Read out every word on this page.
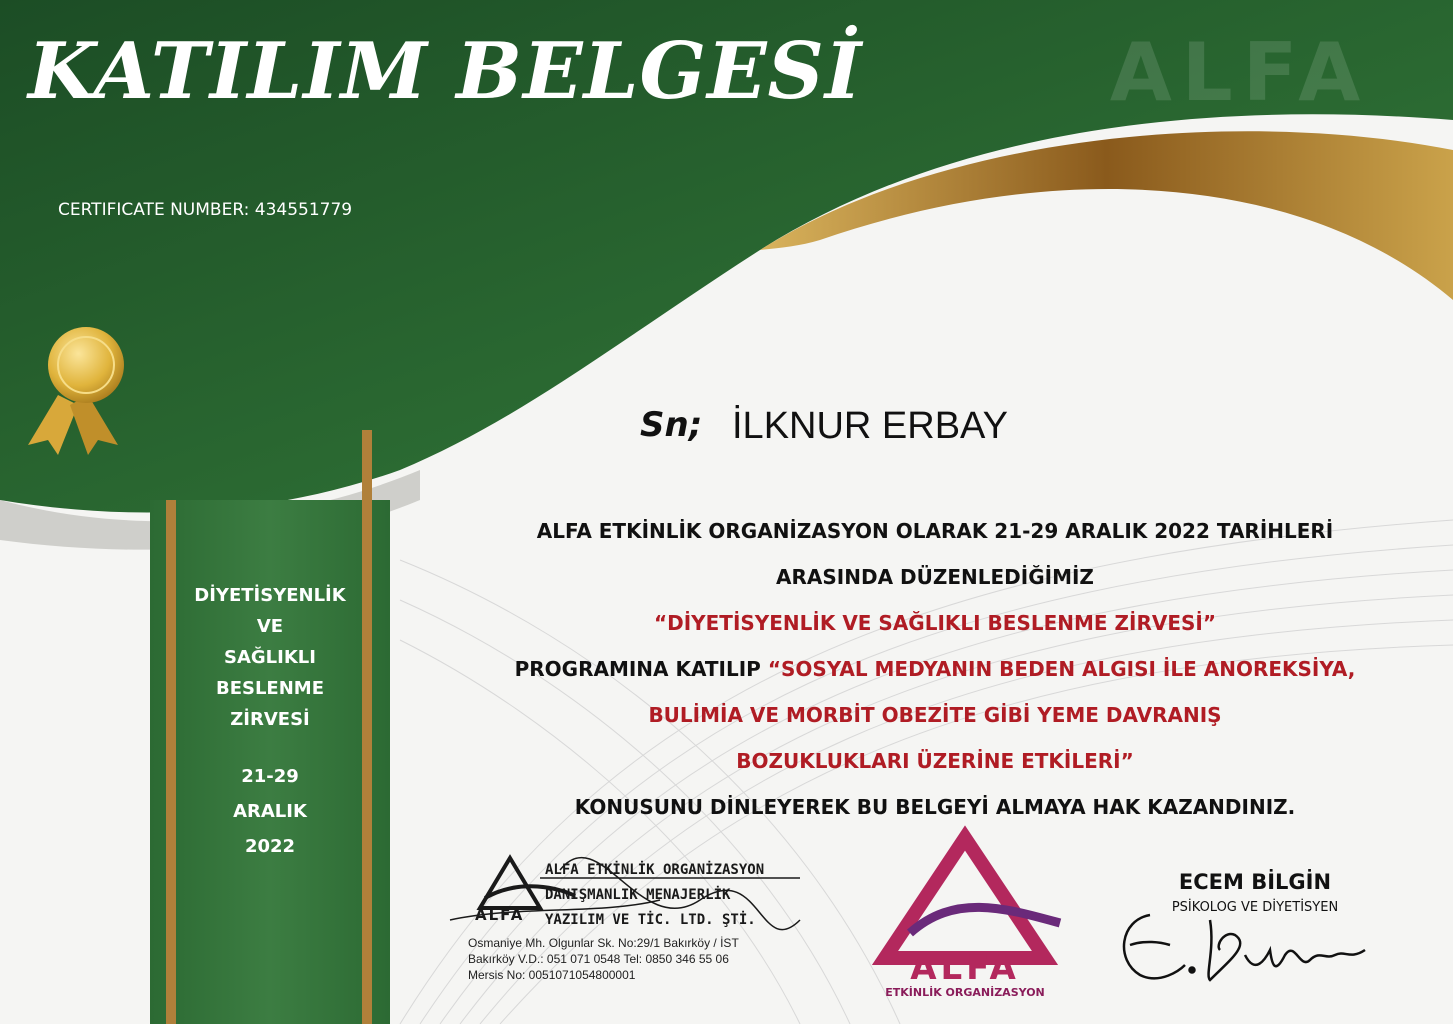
ALFA
KATILIM BELGESİ
CERTIFICATE NUMBER: 434551779
Sn; İLKNUR ERBAY
ALFA ETKİNLİK ORGANİZASYON OLARAK 21-29 ARALIK 2022 TARİHLERİ
ARASINDA DÜZENLEDİĞİMİZ
“DİYETİSYENLİK VE SAĞLIKLI BESLENME ZİRVESİ”
PROGRAMINA KATILIP “SOSYAL MEDYANIN BEDEN ALGISI İLE ANOREKSİYA,
BULİMİA VE MORBİT OBEZİTE GİBİ YEME DAVRANIŞ
BOZUKLUKLARI ÜZERİNE ETKİLERİ”
KONUSUNU DİNLEYEREK BU BELGEYİ ALMAYA HAK KAZANDINIZ.
DİYETİSYENLİK
VE
SAĞLIKLI
BESLENME
ZİRVESİ
21-29
ARALIK
2022
ALFA
ALFA ETKİNLİK ORGANİZASYON
DANIŞMANLIK MENAJERLİK
YAZILIM VE TİC. LTD. ŞTİ.
Osmaniye Mh. Olgunlar Sk. No:29/1 Bakırköy / İST
Bakırköy V.D.: 051 071 0548 Tel: 0850 346 55 06
Mersis No: 0051071054800001	ALFA
ETKİNLİK ORGANİZASYON
ECEM BİLGİN
PSİKOLOG VE DİYETİSYEN
